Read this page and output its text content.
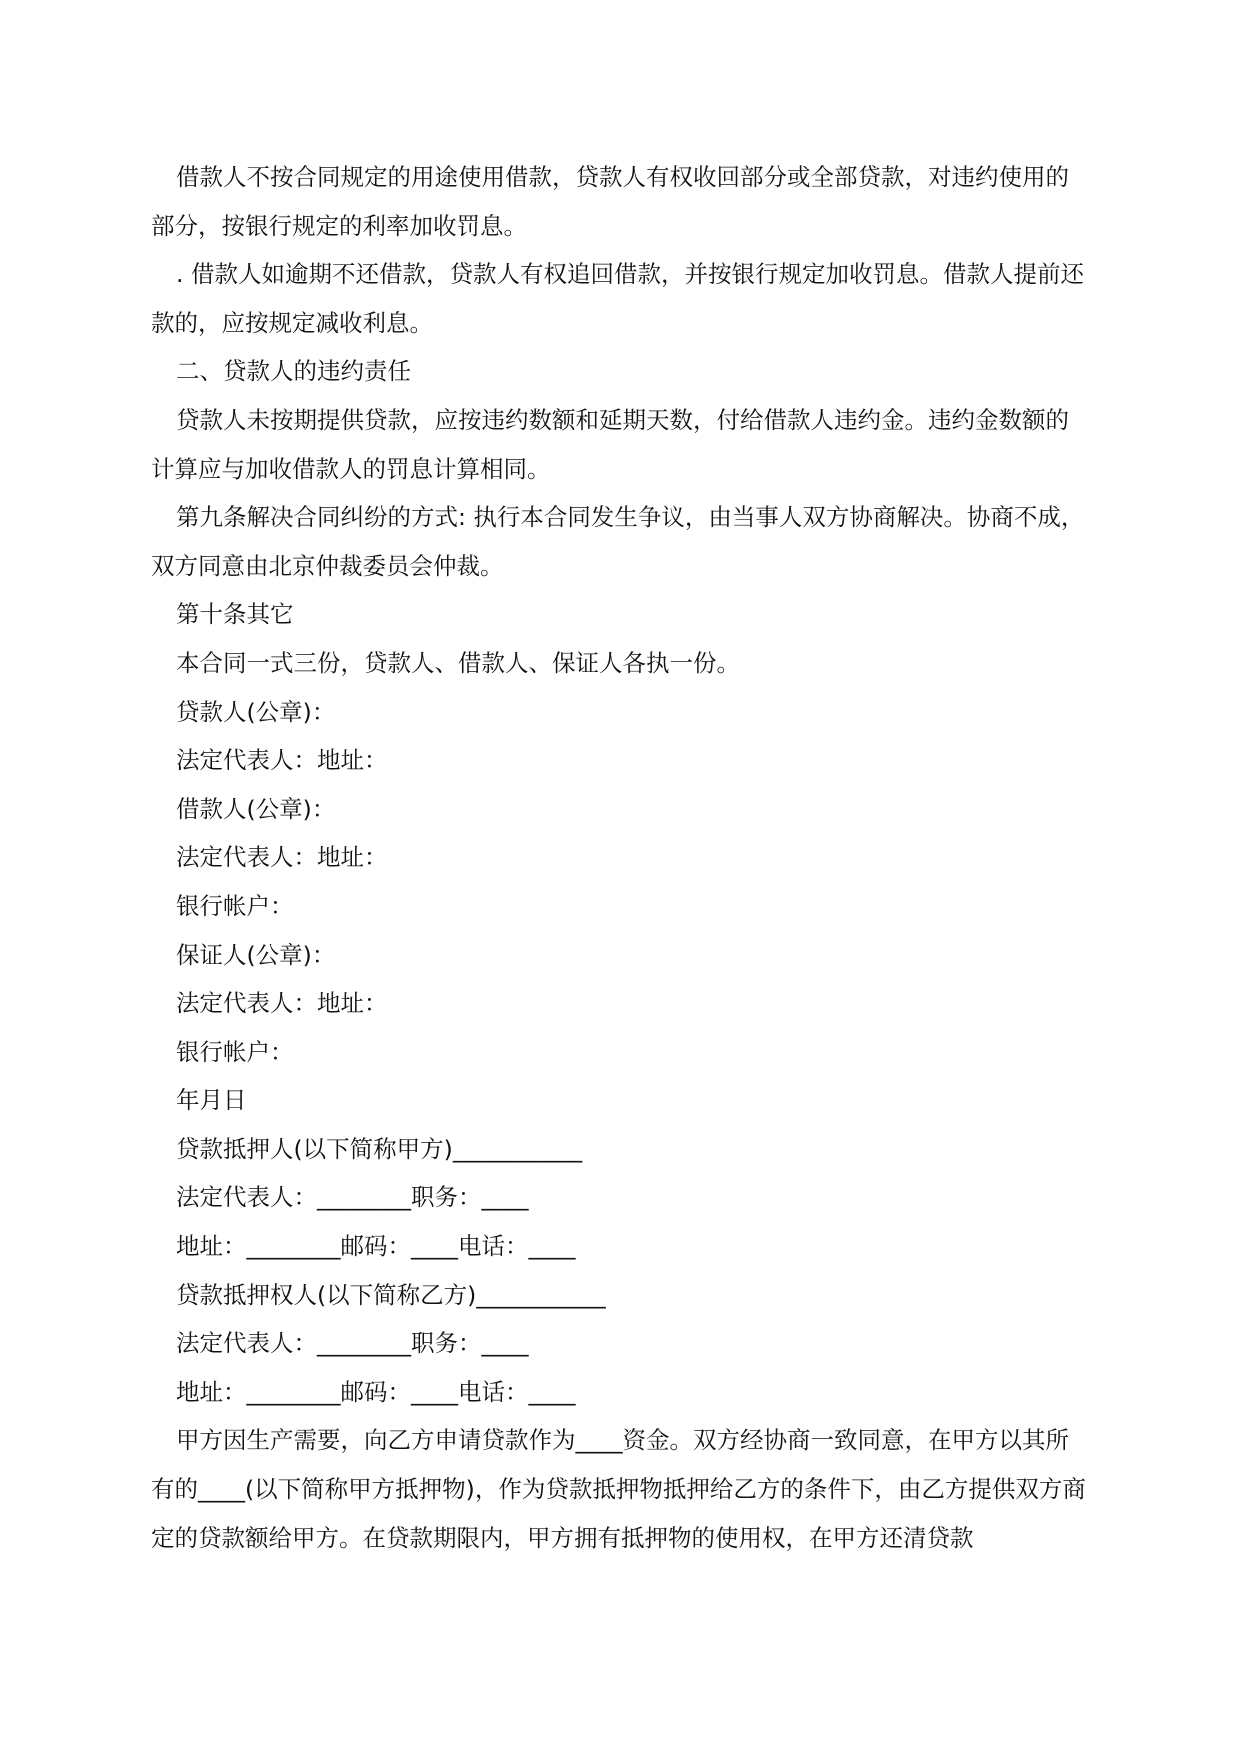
借款人不按合同规定的用途使用借款，贷款人有权收回部分或全部贷款，对违约使用的部分，按银行规定的利率加收罚息。

. 借款人如逾期不还借款，贷款人有权追回借款，并按银行规定加收罚息。借款人提前还款的，应按规定减收利息。

二、贷款人的违约责任

贷款人未按期提供贷款，应按违约数额和延期天数，付给借款人违约金。违约金数额的计算应与加收借款人的罚息计算相同。

第九条解决合同纠纷的方式: 执行本合同发生争议，由当事人双方协商解决。协商不成，双方同意由北京仲裁委员会仲裁。

第十条其它

本合同一式三份，贷款人、借款人、保证人各执一份。

贷款人(公章)：

法定代表人：地址：

借款人(公章)：

法定代表人：地址：

银行帐户：

保证人(公章)：

法定代表人：地址：

银行帐户：

年月日

贷款抵押人(以下简称甲方)___________

法定代表人：________职务：____

地址：________邮码：____电话：____

贷款抵押权人(以下简称乙方)___________

法定代表人：________职务：____

地址：________邮码：____电话：____

甲方因生产需要，向乙方申请贷款作为____资金。双方经协商一致同意，在甲方以其所有的____(以下简称甲方抵押物)，作为贷款抵押物抵押给乙方的条件下，由乙方提供双方商定的贷款额给甲方。在贷款期限内，甲方拥有抵押物的使用权，在甲方还清贷款
